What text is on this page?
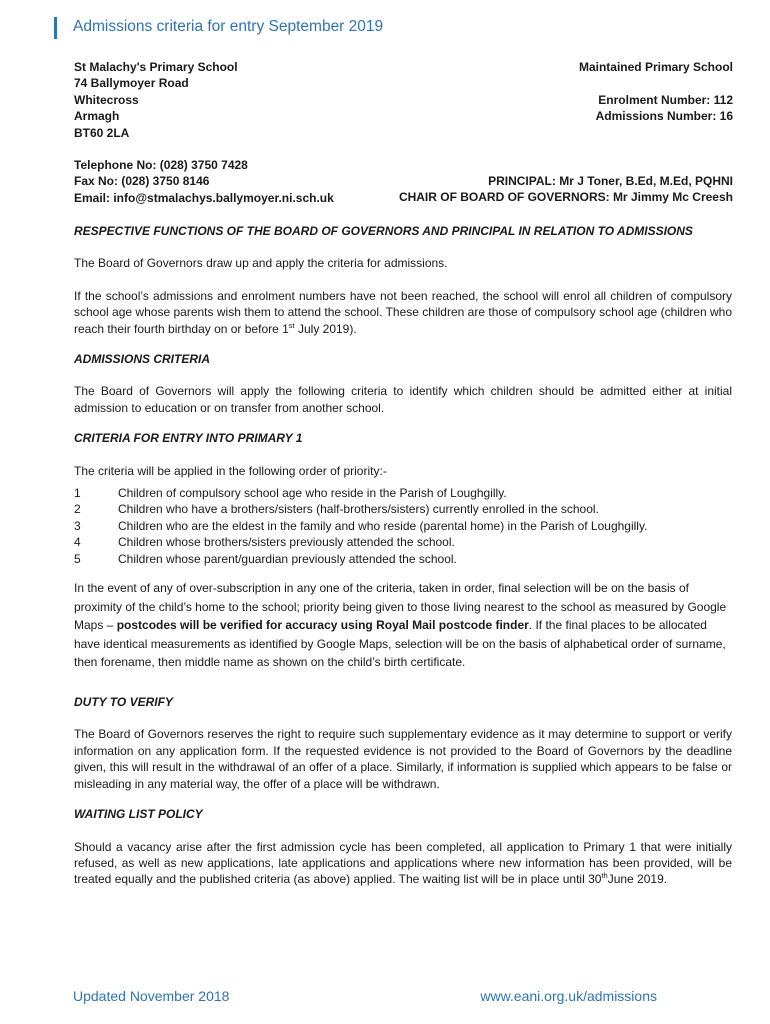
Admissions criteria for entry September 2019
St Malachy's Primary School
74 Ballymoyer Road
Whitecross
Armagh
BT60 2LA
Maintained Primary School
Enrolment Number: 112
Admissions Number: 16
Telephone No: (028) 3750 7428
Fax No: (028) 3750 8146
Email: info@stmalachys.ballymoyer.ni.sch.uk
PRINCIPAL: Mr J Toner, B.Ed, M.Ed, PQHNI
CHAIR OF BOARD OF GOVERNORS: Mr Jimmy Mc Creesh

RESPECTIVE FUNCTIONS OF THE BOARD OF GOVERNORS AND PRINCIPAL IN RELATION TO ADMISSIONS

The Board of Governors draw up and apply the criteria for admissions.

If the school’s admissions and enrolment numbers have not been reached, the school will enrol all children of compulsory school age whose parents wish them to attend the school. These children are those of compulsory school age (children who reach their fourth birthday on or before 1st July 2019).

ADMISSIONS CRITERIA

The Board of Governors will apply the following criteria to identify which children should be admitted either at initial admission to education or on transfer from another school.

CRITERIA FOR ENTRY INTO PRIMARY 1

The criteria will be applied in the following order of priority:-

1	Children of compulsory school age who reside in the Parish of Loughgilly.
2	Children who have a brothers/sisters (half-brothers/sisters) currently enrolled in the school.
3	Children who are the eldest in the family and who reside (parental home) in the Parish of Loughgilly.
4	Children whose brothers/sisters previously attended the school.
5	Children whose parent/guardian previously attended the school.

In the event of any of over-subscription in any one of the criteria, taken in order, final selection will be on the basis of proximity of the child’s home to the school; priority being given to those living nearest to the school as measured by Google Maps – postcodes will be verified for accuracy using Royal Mail postcode finder. If the final places to be allocated have identical measurements as identified by Google Maps, selection will be on the basis of alphabetical order of surname, then forename, then middle name as shown on the child’s birth certificate.

DUTY TO VERIFY

The Board of Governors reserves the right to require such supplementary evidence as it may determine to support or verify information on any application form. If the requested evidence is not provided to the Board of Governors by the deadline given, this will result in the withdrawal of an offer of a place. Similarly, if information is supplied which appears to be false or misleading in any material way, the offer of a place will be withdrawn.

WAITING LIST POLICY

Should a vacancy arise after the first admission cycle has been completed, all application to Primary 1 that were initially refused, as well as new applications, late applications and applications where new information has been provided, will be treated equally and the published criteria (as above) applied. The waiting list will be in place until 30thJune 2019.

Updated November 2018	www.eani.org.uk/admissions
